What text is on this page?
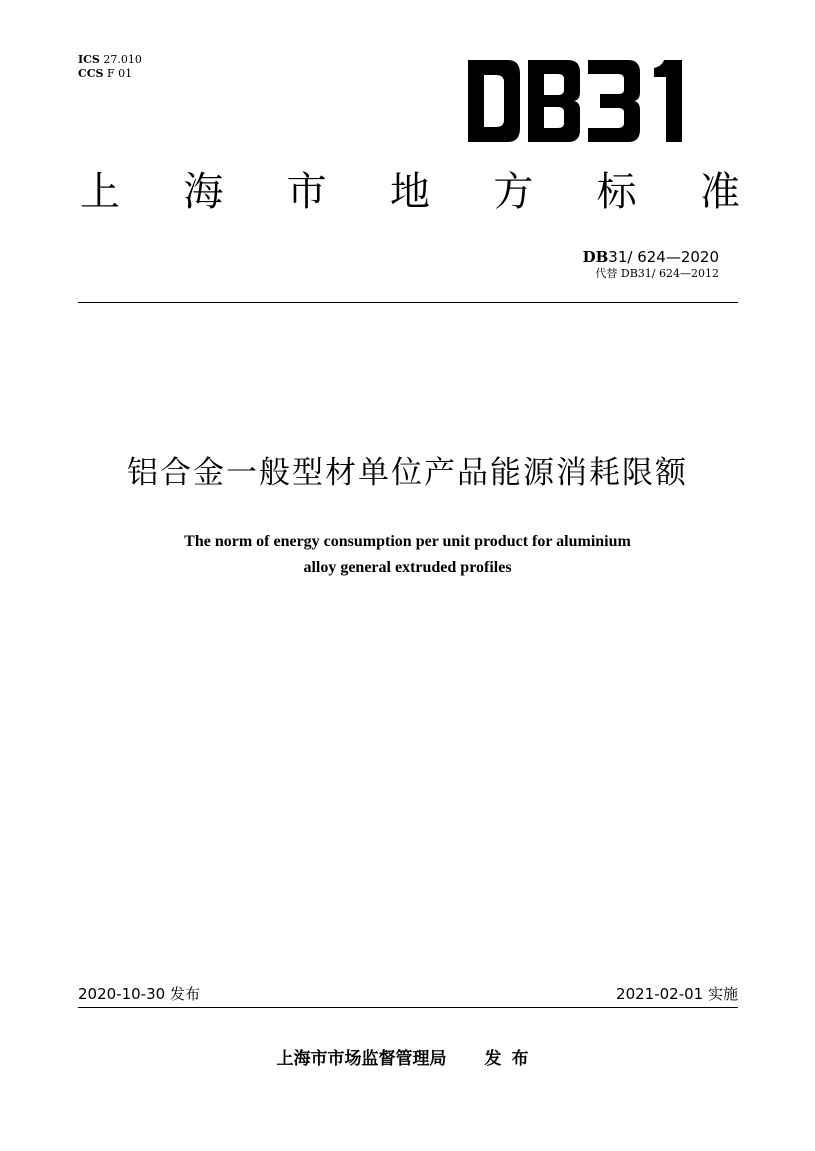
ICS 27.010
CCS F 01
上 海 市 地 方 标 准
DB31/ 624—2020
代替 DB31/ 624—2012
铝合金一般型材单位产品能源消耗限额
The norm of energy consumption per unit product for aluminium
alloy general extruded profiles
2020-10-30 发布	2021-02-01 实施
上海市市场监督管理局 发布
